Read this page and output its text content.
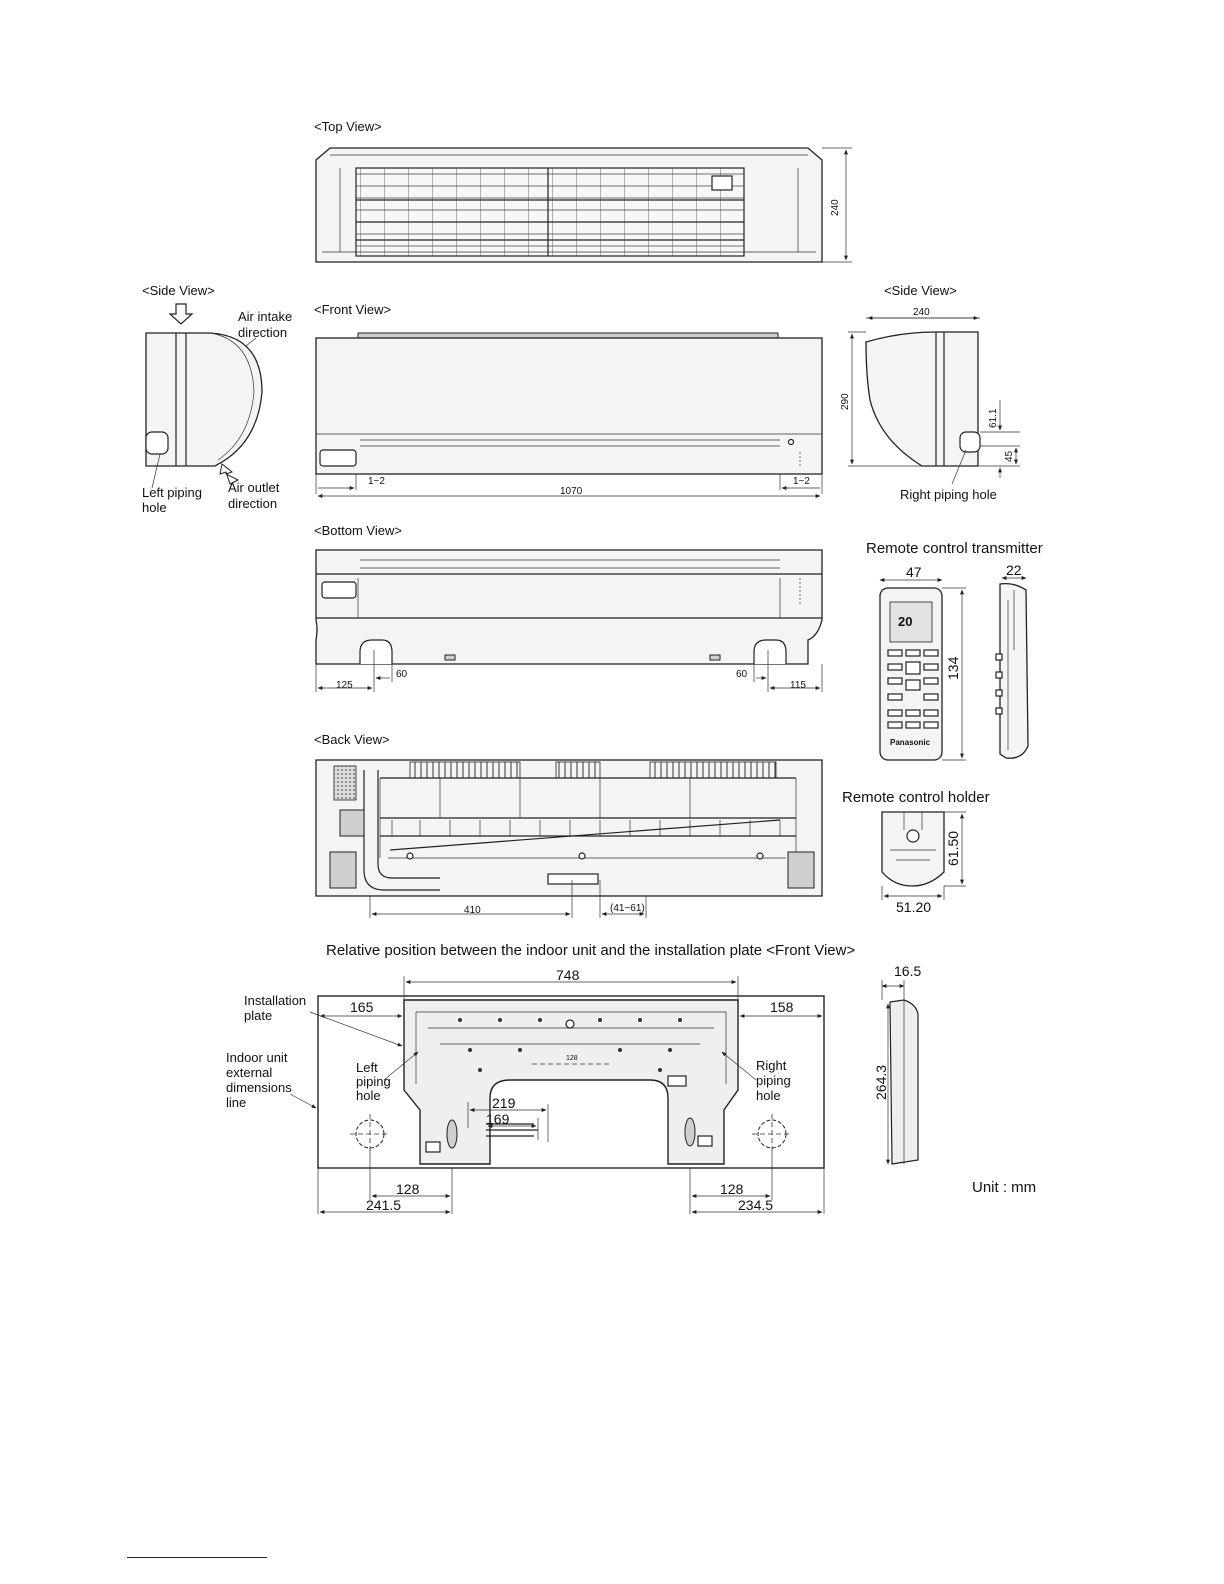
<Top View>
240
<Side View>
Air intake
direction
Left piping
hole
Air outlet
direction
<Front View>
1~2
1070
1~2
<Side View>
240
290
61.1
45
Right piping hole
<Bottom View>
125
60	60
115
<Back View>
410	(41~61)
Remote control transmitter
47
20
Panasonic
134
22
Remote control holder
61.50
51.20
Relative position between the indoor unit and the installation plate <Front View>
128
748
165	158
219
169
128
241.5
128
234.5
Installation
plate
Indoor unit
external
dimensions
line
Left
piping
hole
Right
piping
hole
16.5
264.3
Unit : mm
